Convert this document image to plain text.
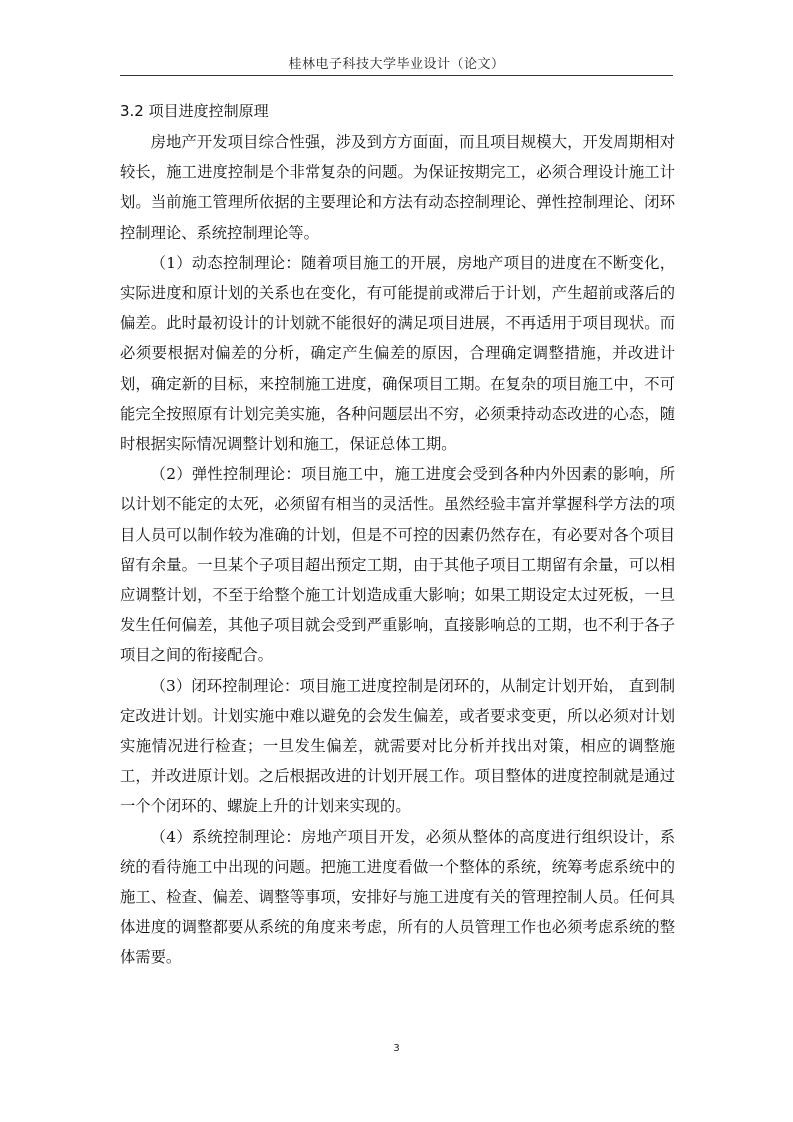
桂林电子科技大学毕业设计（论文）
3.2 项目进度控制原理

房地产开发项目综合性强，涉及到方方面面，而且项目规模大，开发周期相对较长，施工进度控制是个非常复杂的问题。为保证按期完工，必须合理设计施工计划。当前施工管理所依据的主要理论和方法有动态控制理论、弹性控制理论、闭环控制理论、系统控制理论等。

（1）动态控制理论：随着项目施工的开展，房地产项目的进度在不断变化，实际进度和原计划的关系也在变化，有可能提前或滞后于计划，产生超前或落后的偏差。此时最初设计的计划就不能很好的满足项目进展，不再适用于项目现状。而必须要根据对偏差的分析，确定产生偏差的原因，合理确定调整措施，并改进计划，确定新的目标，来控制施工进度，确保项目工期。在复杂的项目施工中，不可能完全按照原有计划完美实施，各种问题层出不穷，必须秉持动态改进的心态，随时根据实际情况调整计划和施工，保证总体工期。

（2）弹性控制理论：项目施工中，施工进度会受到各种内外因素的影响，所以计划不能定的太死，必须留有相当的灵活性。虽然经验丰富并掌握科学方法的项目人员可以制作较为准确的计划，但是不可控的因素仍然存在，有必要对各个项目留有余量。一旦某个子项目超出预定工期，由于其他子项目工期留有余量，可以相应调整计划，不至于给整个施工计划造成重大影响；如果工期设定太过死板，一旦发生任何偏差，其他子项目就会受到严重影响，直接影响总的工期，也不利于各子项目之间的衔接配合。

（3）闭环控制理论：项目施工进度控制是闭环的，从制定计划开始， 直到制定改进计划。计划实施中难以避免的会发生偏差，或者要求变更，所以必须对计划实施情况进行检查；一旦发生偏差，就需要对比分析并找出对策，相应的调整施工，并改进原计划。之后根据改进的计划开展工作。项目整体的进度控制就是通过一个个闭环的、螺旋上升的计划来实现的。

（4）系统控制理论：房地产项目开发，必须从整体的高度进行组织设计，系统的看待施工中出现的问题。把施工进度看做一个整体的系统，统筹考虑系统中的施工、检查、偏差、调整等事项，安排好与施工进度有关的管理控制人员。任何具体进度的调整都要从系统的角度来考虑，所有的人员管理工作也必须考虑系统的整体需要。

3
